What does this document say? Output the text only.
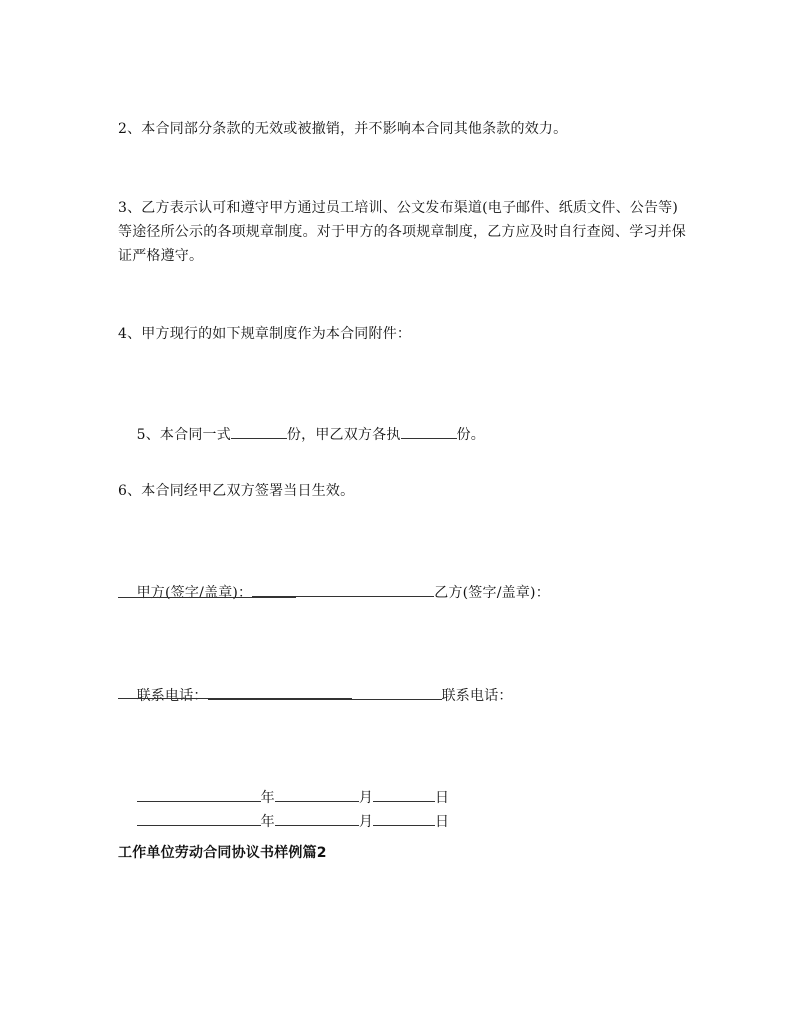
2、本合同部分条款的无效或被撤销，并不影响本合同其他条款的效力。
3、乙方表示认可和遵守甲方通过员工培训、公文发布渠道(电子邮件、纸质文件、公告等)等途径所公示的各项规章制度。对于甲方的各项规章制度，乙方应及时自行查阅、学习并保证严格遵守。
4、甲方现行的如下规章制度作为本合同附件：

5、本合同一式	份，甲乙双方各执	份。

6、本合同经甲乙双方签署当日生效。

甲方(签字/盖章)：	乙方(签字/盖章)：

联系电话：	联系电话：

年	月	日

年	月	日

工作单位劳动合同协议书样例篇2
